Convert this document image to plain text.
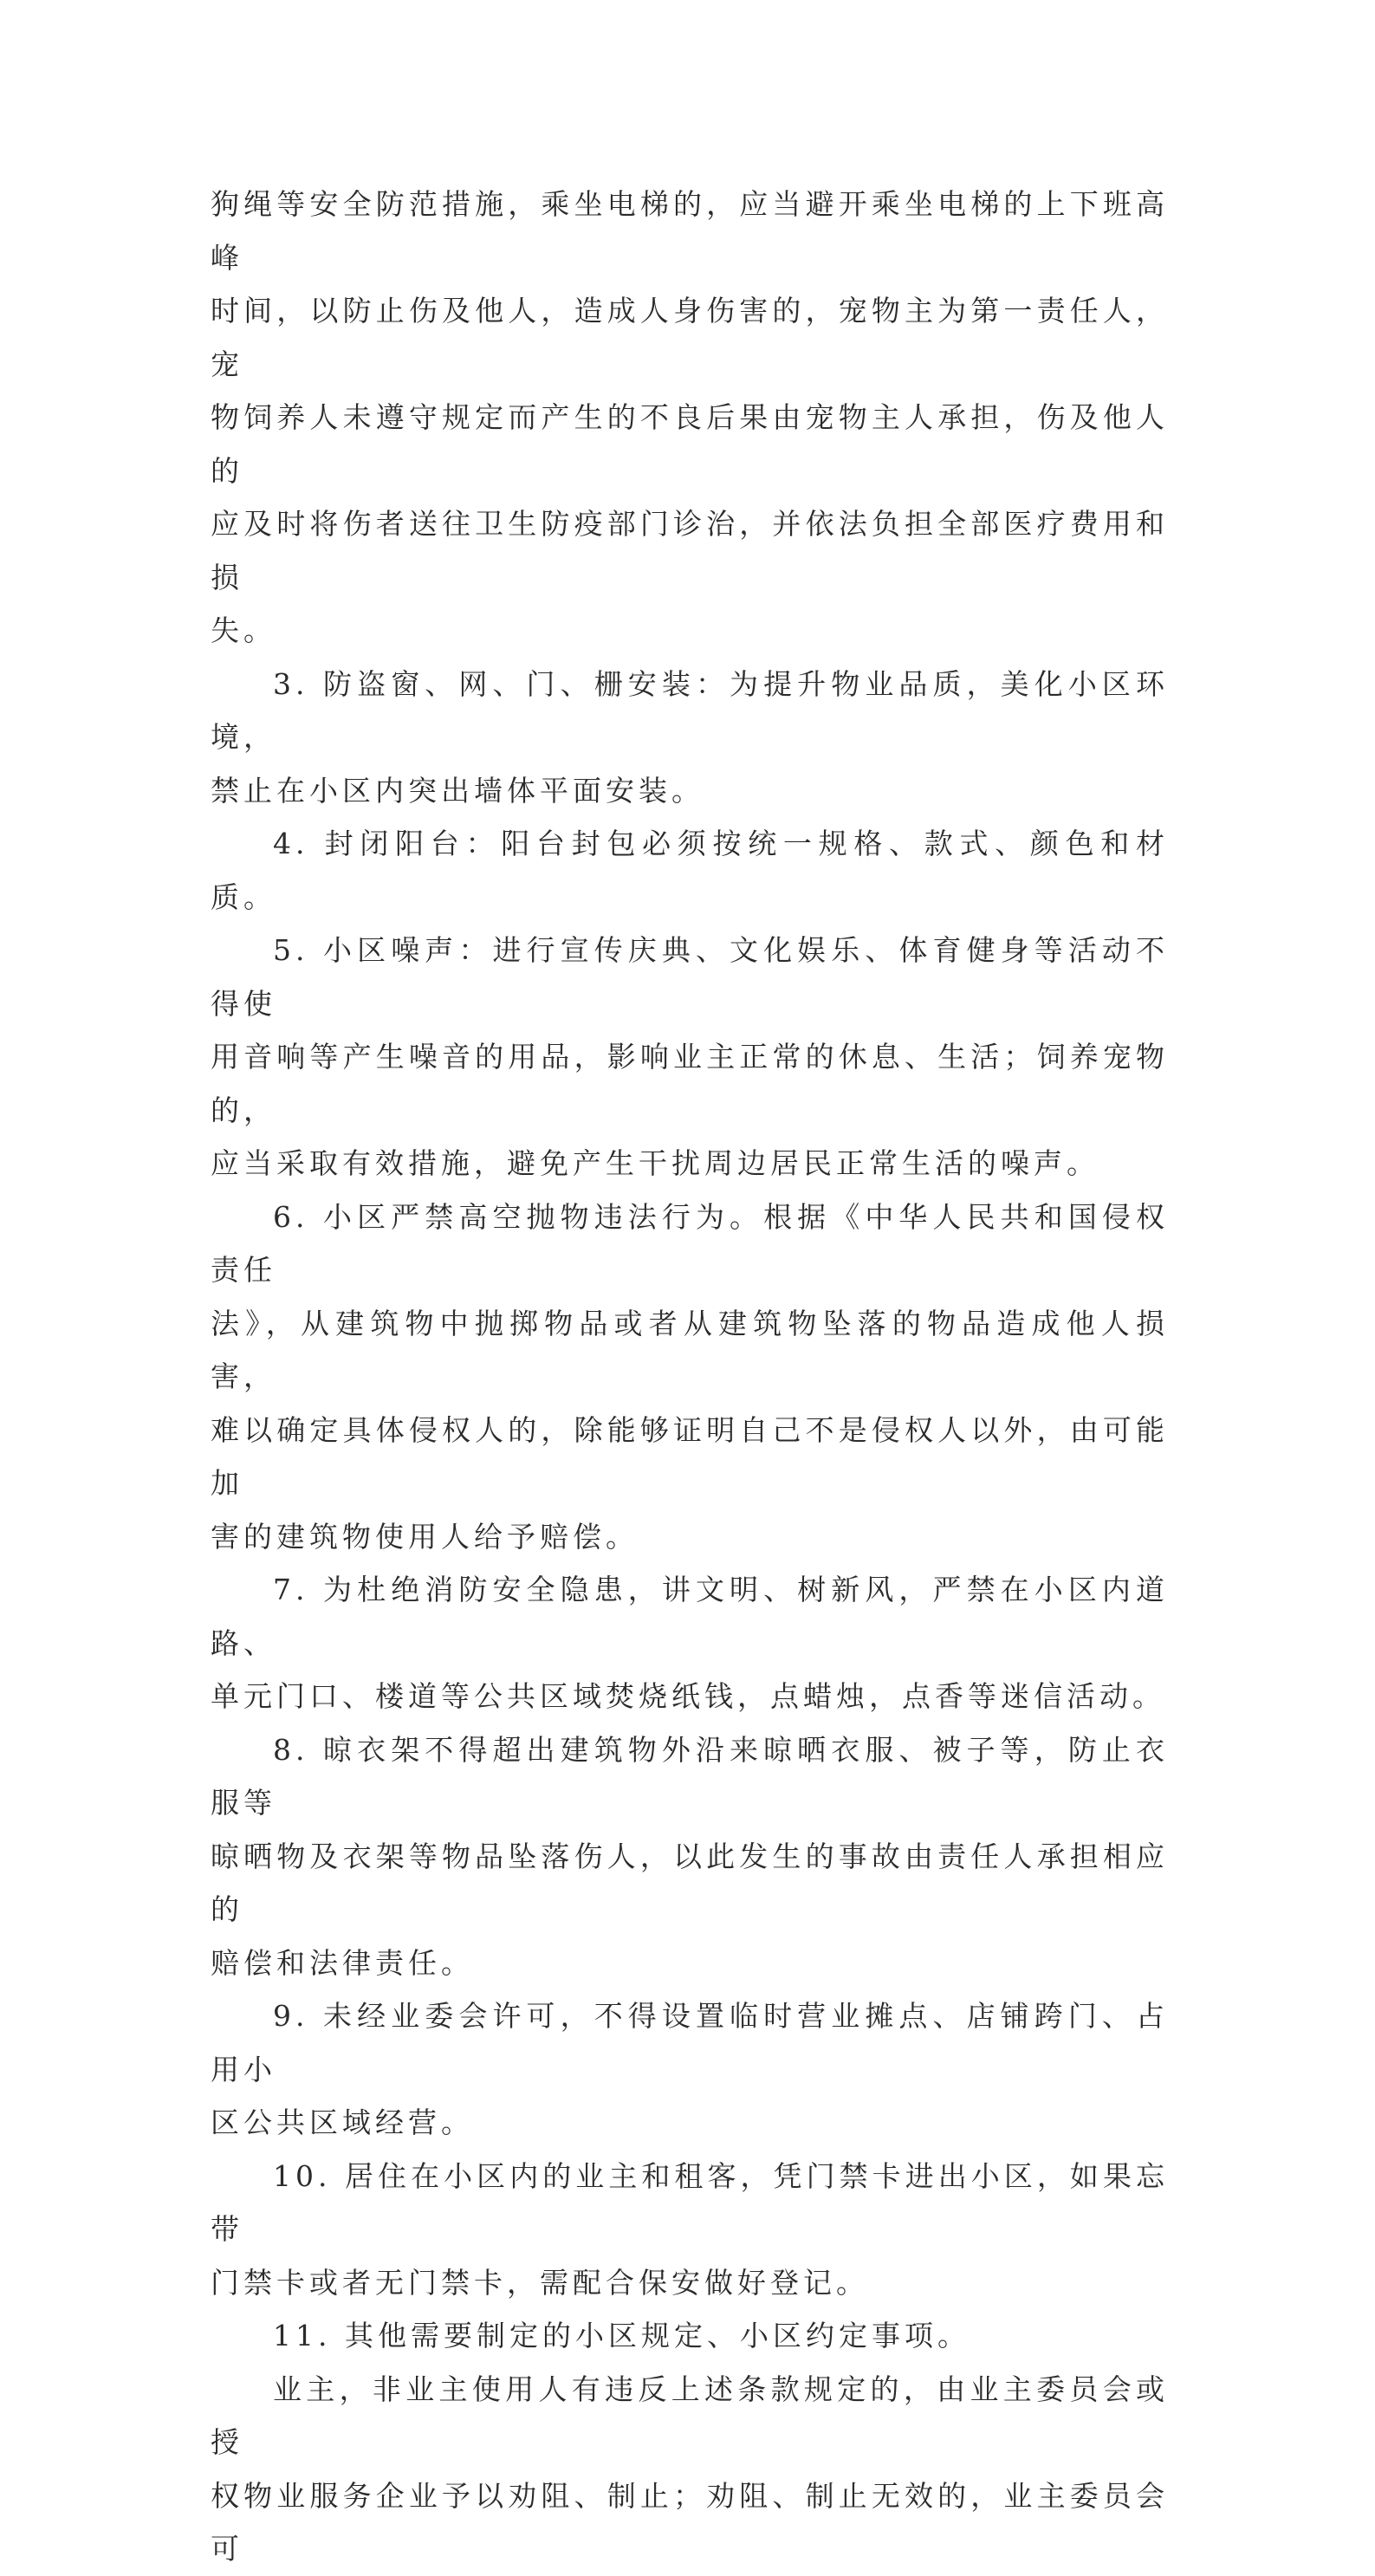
狗绳等安全防范措施，乘坐电梯的，应当避开乘坐电梯的上下班高峰
时间，以防止伤及他人，造成人身伤害的，宠物主为第一责任人，宠
物饲养人未遵守规定而产生的不良后果由宠物主人承担，伤及他人的
应及时将伤者送往卫生防疫部门诊治，并依法负担全部医疗费用和损
失。

3. 防盗窗、网、门、栅安装：为提升物业品质，美化小区环境，
禁止在小区内突出墙体平面安装。

4. 封闭阳台：阳台封包必须按统一规格、款式、颜色和材质。

5. 小区噪声：进行宣传庆典、文化娱乐、体育健身等活动不得使
用音响等产生噪音的用品，影响业主正常的休息、生活；饲养宠物的，
应当采取有效措施，避免产生干扰周边居民正常生活的噪声。

6. 小区严禁高空抛物违法行为。根据《中华人民共和国侵权责任
法》，从建筑物中抛掷物品或者从建筑物坠落的物品造成他人损害，
难以确定具体侵权人的，除能够证明自己不是侵权人以外，由可能加
害的建筑物使用人给予赔偿。

7. 为杜绝消防安全隐患，讲文明、树新风，严禁在小区内道路、
单元门口、楼道等公共区域焚烧纸钱，点蜡烛，点香等迷信活动。

8. 晾衣架不得超出建筑物外沿来晾晒衣服、被子等，防止衣服等
晾晒物及衣架等物品坠落伤人，以此发生的事故由责任人承担相应的
赔偿和法律责任。

9. 未经业委会许可，不得设置临时营业摊点、店铺跨门、占用小
区公共区域经营。

10. 居住在小区内的业主和租客，凭门禁卡进出小区，如果忘带
门禁卡或者无门禁卡，需配合保安做好登记。

11. 其他需要制定的小区规定、小区约定事项。

业主，非业主使用人有违反上述条款规定的，由业主委员会或授
权物业服务企业予以劝阻、制止；劝阻、制止无效的，业主委员会可
